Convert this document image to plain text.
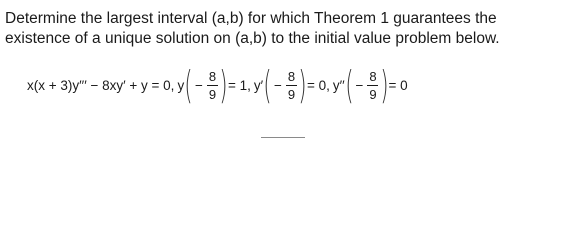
Determine the largest interval (a,b) for which Theorem 1 guarantees the
existence of a unique solution on (a,b) to the initial value problem below.
x(x + 3)y′′′ − 8xy′ + y = 0, y ( − $\frac{8}{9}$ ) = 1, y′ ( − $\frac{8}{9}$ ) = 0, y′′ ( − $\frac{8}{9}$ ) = 0
